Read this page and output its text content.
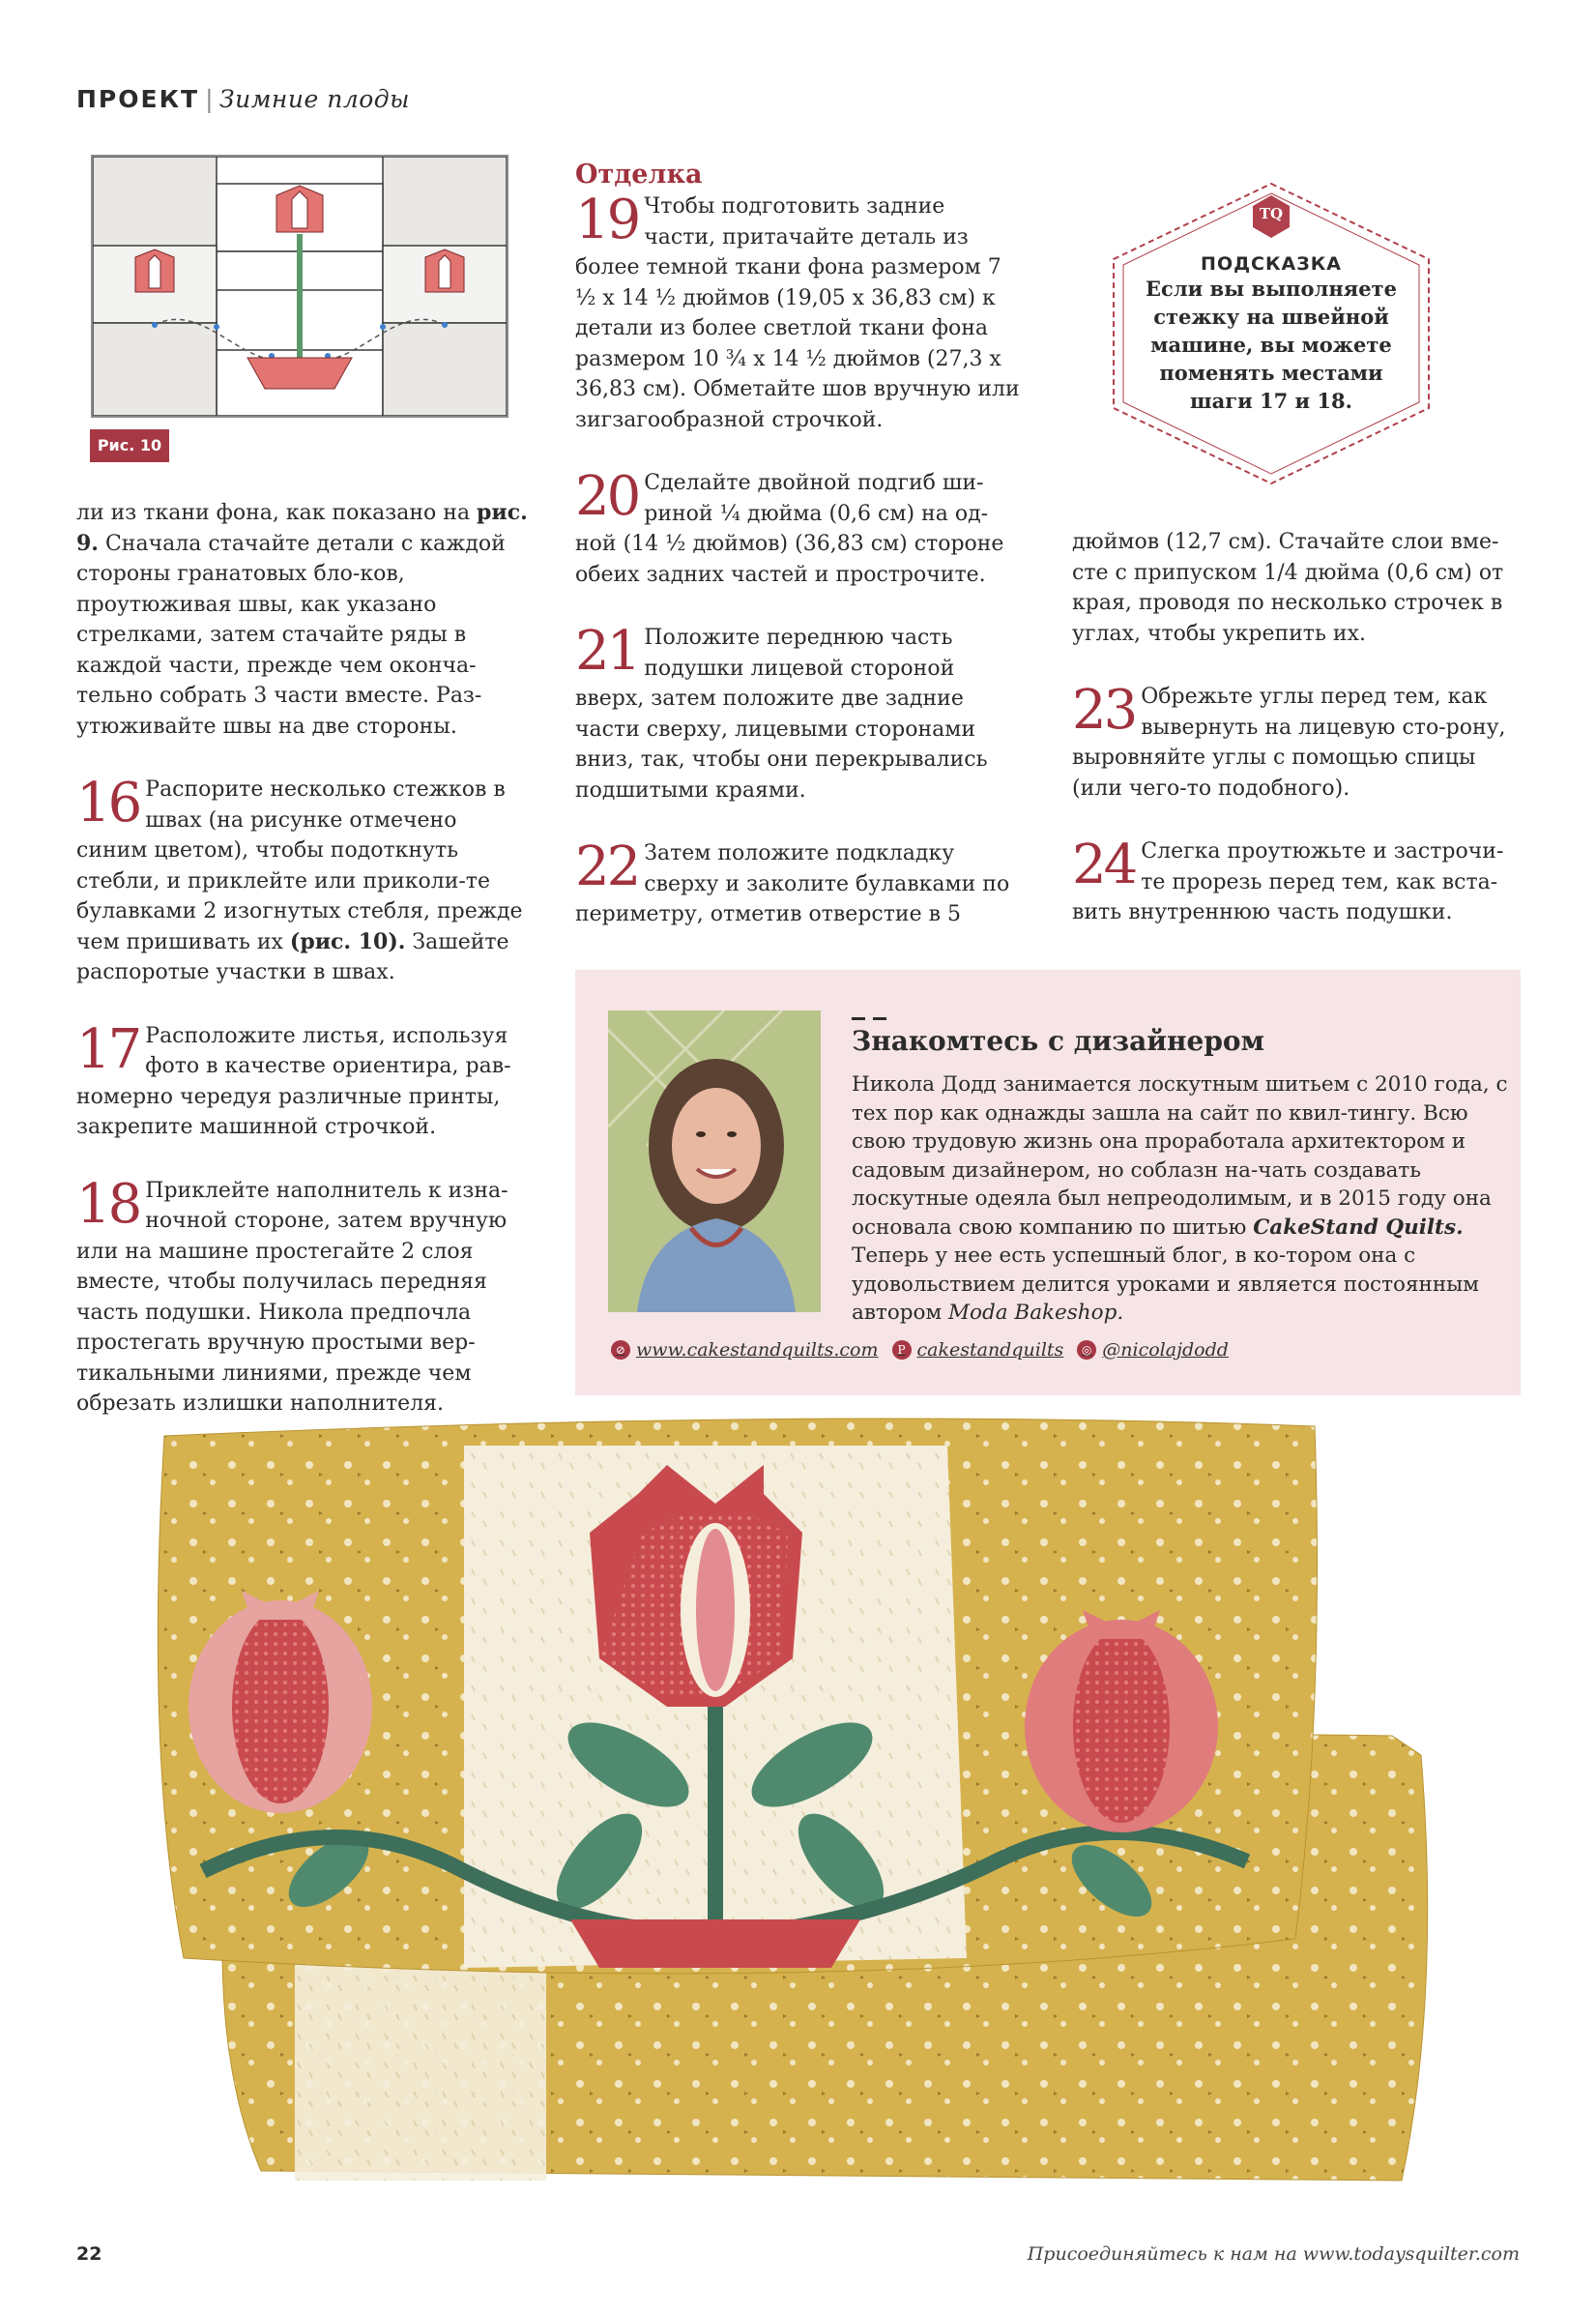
ПРОЕКТ | Зимние плоды
Рис. 10

ли из ткани фона, как показано на рис. 9. Сначала стачайте детали с каждой стороны гранатовых бло-ков, проутюживая швы, как указано стрелками, затем стачайте ряды в каждой части, прежде чем оконча-тельно собрать 3 части вместе. Раз-утюживайте швы на две стороны.

16 Распорите несколько стежков в швах (на рисунке отмечено синим цветом), чтобы подоткнуть стебли, и приклейте или приколи-те булавками 2 изогнутых стебля, прежде чем пришивать их (рис. 10). Зашейте распоротые участки в швах.
17 Расположите листья, используя фото в качестве ориентира, рав-номерно чередуя различные принты, закрепите машинной строчкой.
18 Приклейте наполнитель к изна-ночной стороне, затем вручную или на машине простегайте 2 слоя вместе, чтобы получилась передняя часть подушки. Никола предпочла простегать вручную простыми вер-тикальными линиями, прежде чем обрезать излишки наполнителя.
Отделка
19 Чтобы подготовить задние части, притачайте деталь из более темной ткани фона размером 7 ½ x 14 ½ дюймов (19,05 x 36,83 см) к детали из более светлой ткани фона размером 10 ¾ x 14 ½ дюймов (27,3 x 36,83 см). Обметайте шов вручную или зигзагообразной строчкой.
20 Сделайте двойной подгиб ши-риной ¼ дюйма (0,6 см) на од-ной (14 ½ дюймов) (36,83 см) стороне обеих задних частей и прострочите.
21 Положите переднюю часть подушки лицевой стороной вверх, затем положите две задние части сверху, лицевыми сторонами вниз, так, чтобы они перекрывались подшитыми краями.
22 Затем положите подкладку сверху и заколите булавками по периметру, отметив отверстие в 5
TQ
ПОДСКАЗКА
Если вы выполняете стежку на швейной машине, вы можете поменять местами шаги 17 и 18.

дюймов (12,7 см). Стачайте слои вме-сте с припуском 1/4 дюйма (0,6 см) от края, проводя по несколько строчек в углах, чтобы укрепить их.

23 Обрежьте углы перед тем, как вывернуть на лицевую сто-рону, выровняйте углы с помощью спицы (или чего-то подобного).
24 Слегка проутюжьте и застрочи-те прорезь перед тем, как вста-вить внутреннюю часть подушки.
Знакомтесь с дизайнером
Никола Додд занимается лоскутным шитьем с 2010 года, с тех пор как однажды зашла на сайт по квил-тингу. Всю свою трудовую жизнь она проработала архитектором и садовым дизайнером, но соблазн на-чать создавать лоскутные одеяла был непреодолимым, и в 2015 году она основала свою компанию по шитью CakeStand Quilts. Теперь у нее есть успешный блог, в ко-тором она с удовольствием делится уроками и является постоянным автором Moda Bakeshop.
⊘ www.cakestandquilts.com	P cakestandquilts	◎ @nicolajdodd
22	Присоединяйтесь к нам на www.todaysquilter.com
